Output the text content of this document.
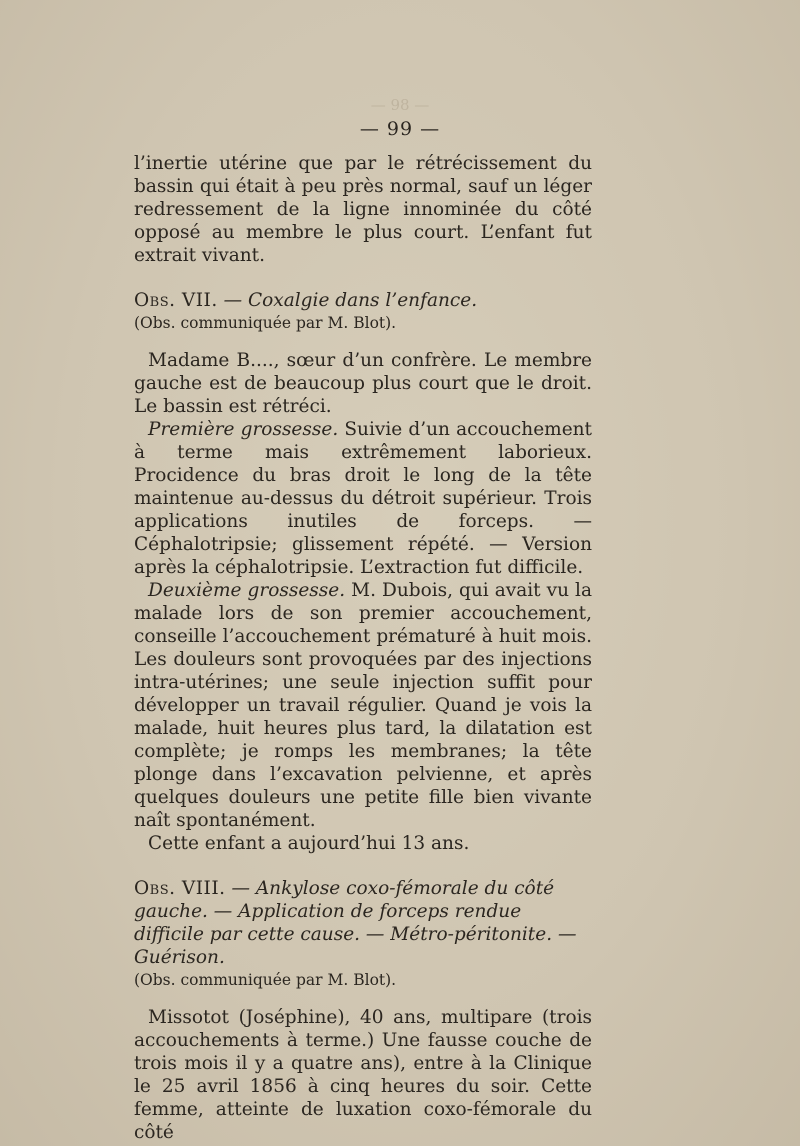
— 98 —
— 99 —

l’inertie utérine que par le rétrécissement du bassin qui était à peu près normal, sauf un léger redressement de la ligne innominée du côté opposé au membre le plus court. L’enfant fut extrait vivant.

Obs. VII. — Coxalgie dans l’enfance.

(Obs. communiquée par M. Blot).

Madame B...., sœur d’un confrère. Le membre gauche est de beaucoup plus court que le droit. Le bassin est rétréci.

Première grossesse. Suivie d’un accouchement à terme mais extrêmement laborieux. Procidence du bras droit le long de la tête maintenue au-dessus du détroit supérieur. Trois applications inutiles de forceps. — Céphalotripsie; glissement répété. — Version après la céphalotripsie. L’extraction fut difficile.

Deuxième grossesse. M. Dubois, qui avait vu la malade lors de son premier accouchement, conseille l’accouchement prématuré à huit mois. Les douleurs sont provoquées par des injections intra-utérines; une seule injection suffit pour développer un travail régulier. Quand je vois la malade, huit heures plus tard, la dilatation est complète; je romps les membranes; la tête plonge dans l’excavation pelvienne, et après quelques douleurs une petite fille bien vivante naît spontanément.

Cette enfant a aujourd’hui 13 ans.

Obs. VIII. — Ankylose coxo-fémorale du côté gauche. — Application de forceps rendue difficile par cette cause. — Métro-péritonite. — Guérison.

(Obs. communiquée par M. Blot).

Missotot (Joséphine), 40 ans, multipare (trois accouchements à terme.) Une fausse couche de trois mois il y a quatre ans), entre à la Clinique le 25 avril 1856 à cinq heures du soir. Cette femme, atteinte de luxation coxo-fémorale du côté
